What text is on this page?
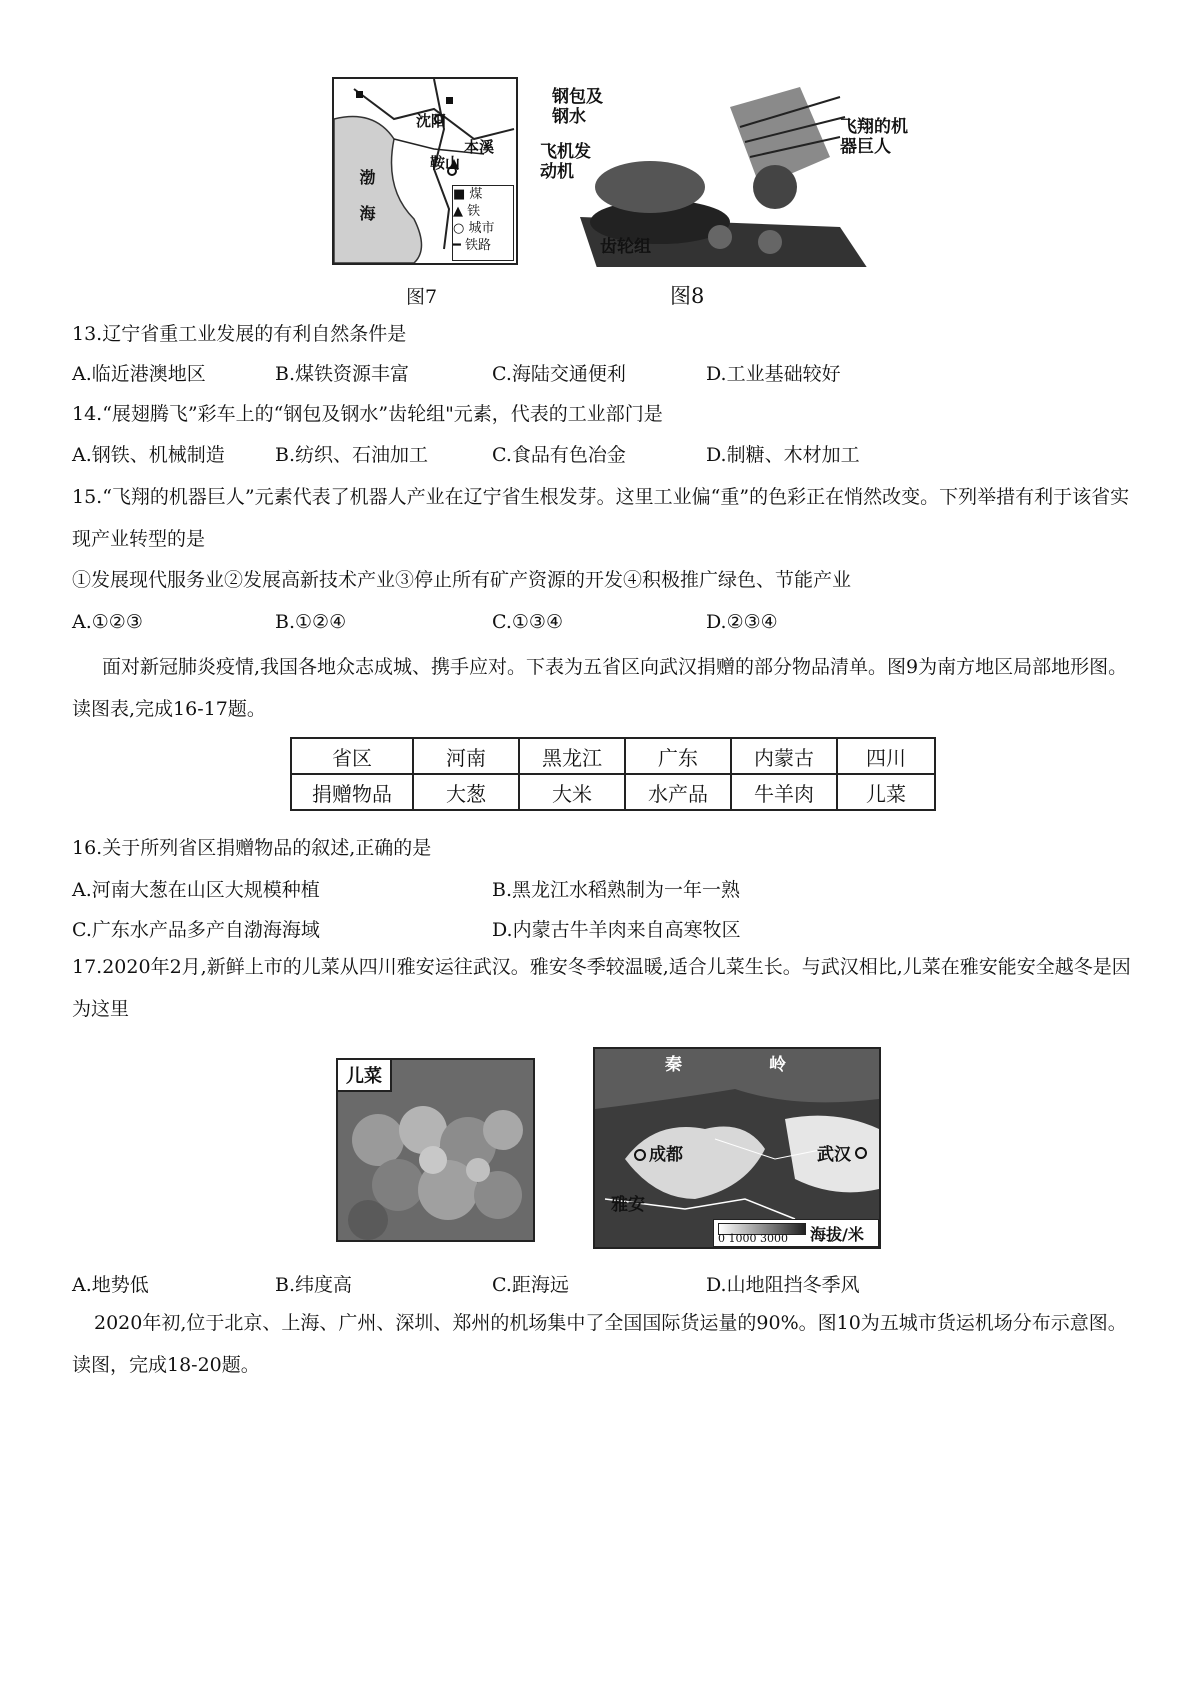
沈阳
本溪
鞍山
渤海	■ 煤
▲ 铁
○ 城市
━ 铁路
图7
钢包及钢水
飞机发动机
飞翔的机器巨人
齿轮组
图8
13.辽宁省重工业发展的有利自然条件是
A.临近港澳地区	B.煤铁资源丰富	C.海陆交通便利	D.工业基础较好
14.“展翅腾飞”彩车上的“钢包及钢水”齿轮组"元素，代表的工业部门是
A.钢铁、机械制造	B.纺织、石油加工	C.食品有色冶金	D.制糖、木材加工
15.“飞翔的机器巨人”元素代表了机器人产业在辽宁省生根发芽。这里工业偏“重”的色彩正在悄然改变。下列举措有利于该省实现产业转型的是
①发展现代服务业②发展高新技术产业③停止所有矿产资源的开发④积极推广绿色、节能产业
A.①②③	B.①②④	C.①③④	D.②③④
面对新冠肺炎疫情,我国各地众志成城、携手应对。下表为五省区向武汉捐赠的部分物品清单。图9为南方地区局部地形图。读图表,完成16-17题。
省区	河南	黑龙江	广东	内蒙古	四川
捐赠物品	大葱	大米	水产品	牛羊肉	儿菜
16.关于所列省区捐赠物品的叙述,正确的是
A.河南大葱在山区大规模种植	B.黑龙江水稻熟制为一年一熟
C.广东水产品多产自渤海海域	D.内蒙古牛羊肉来自高寒牧区
17.2020年2月,新鲜上市的儿菜从四川雅安运往武汉。雅安冬季较温暖,适合儿菜生长。与武汉相比,儿菜在雅安能安全越冬是因为这里
儿菜
秦	岭
成都	武汉
雅安
0 1000 3000 海拔/米
A.地势低	B.纬度高	C.距海远	D.山地阻挡冬季风
2020年初,位于北京、上海、广州、深圳、郑州的机场集中了全国国际货运量的90%。图10为五城市货运机场分布示意图。读图，完成18-20题。
